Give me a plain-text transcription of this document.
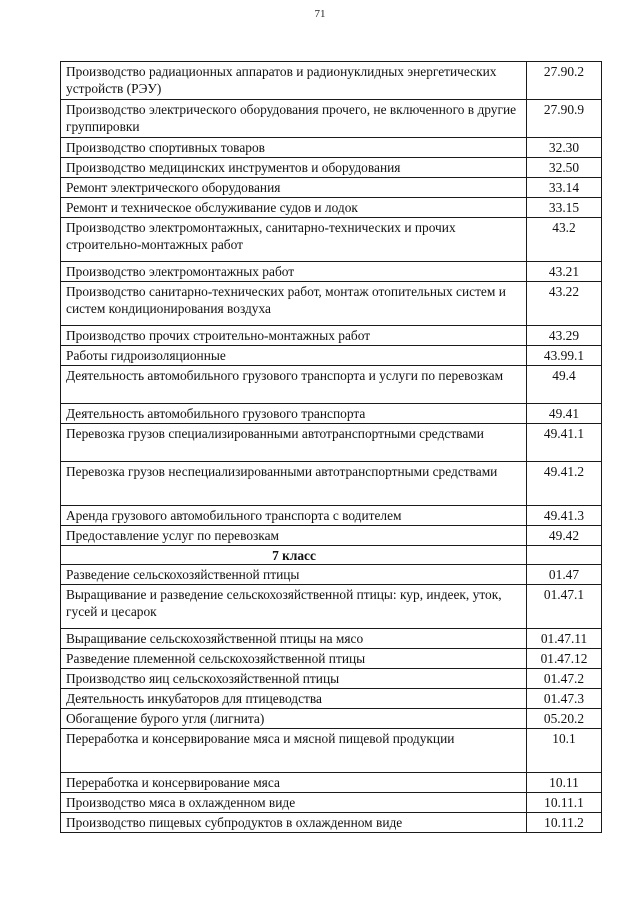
71
Производство радиационных аппаратов и радионуклидных энергетических устройств (РЭУ)	27.90.2
Производство электрического оборудования прочего, не включенного в другие группировки	27.90.9
Производство спортивных товаров	32.30
Производство медицинских инструментов и оборудования	32.50
Ремонт электрического оборудования	33.14
Ремонт и техническое обслуживание судов и лодок	33.15
Производство электромонтажных, санитарно-технических и прочих строительно-монтажных работ	43.2
Производство электромонтажных работ	43.21
Производство санитарно-технических работ, монтаж отопительных систем и систем кондиционирования воздуха	43.22
Производство прочих строительно-монтажных работ	43.29
Работы гидроизоляционные	43.99.1
Деятельность автомобильного грузового транспорта и услуги по перевозкам	49.4
Деятельность автомобильного грузового транспорта	49.41
Перевозка грузов специализированными автотранспортными средствами	49.41.1
Перевозка грузов неспециализированными автотранспортными средствами	49.41.2
Аренда грузового автомобильного транспорта с водителем	49.41.3
Предоставление услуг по перевозкам	49.42
7 класс	
Разведение сельскохозяйственной птицы	01.47
Выращивание и разведение сельскохозяйственной птицы: кур, индеек, уток, гусей и цесарок	01.47.1
Выращивание сельскохозяйственной птицы на мясо	01.47.11
Разведение племенной сельскохозяйственной птицы	01.47.12
Производство яиц сельскохозяйственной птицы	01.47.2
Деятельность инкубаторов для птицеводства	01.47.3
Обогащение бурого угля (лигнита)	05.20.2
Переработка и консервирование мяса и мясной пищевой продукции	10.1
Переработка и консервирование мяса	10.11
Производство мяса в охлажденном виде	10.11.1
Производство пищевых субпродуктов в охлажденном виде	10.11.2
